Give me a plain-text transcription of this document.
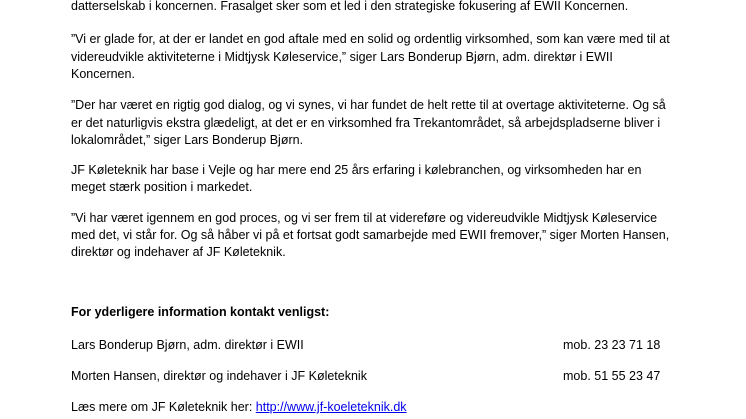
datterselskab i koncernen. Frasalget sker som et led i den strategiske fokusering af EWII Koncernen.
”Vi er glade for, at der er landet en god aftale med en solid og ordentlig virksomhed, som kan være med til at
videreudvikle aktiviteterne i Midtjysk Køleservice,” siger Lars Bonderup Bjørn, adm. direktør i EWII
Koncernen.
”Der har været en rigtig god dialog, og vi synes, vi har fundet de helt rette til at overtage aktiviteterne. Og så
er det naturligvis ekstra glædeligt, at det er en virksomhed fra Trekantområdet, så arbejdspladserne bliver i
lokalområdet,” siger Lars Bonderup Bjørn.
JF Køleteknik har base i Vejle og har mere end 25 års erfaring i kølebranchen, og virksomheden har en
meget stærk position i markedet.
”Vi har været igennem en god proces, og vi ser frem til at videreføre og videreudvikle Midtjysk Køleservice
med det, vi står for. Og så håber vi på et fortsat godt samarbejde med EWII fremover,” siger Morten Hansen,
direktør og indehaver af JF Køleteknik.
For yderligere information kontakt venligst:
Lars Bonderup Bjørn, adm. direktør i EWII	mob. 23 23 71 18
Morten Hansen, direktør og indehaver i JF Køleteknik	mob. 51 55 23 47
Læs mere om JF Køleteknik her: http://www.jf-koeleteknik.dk
